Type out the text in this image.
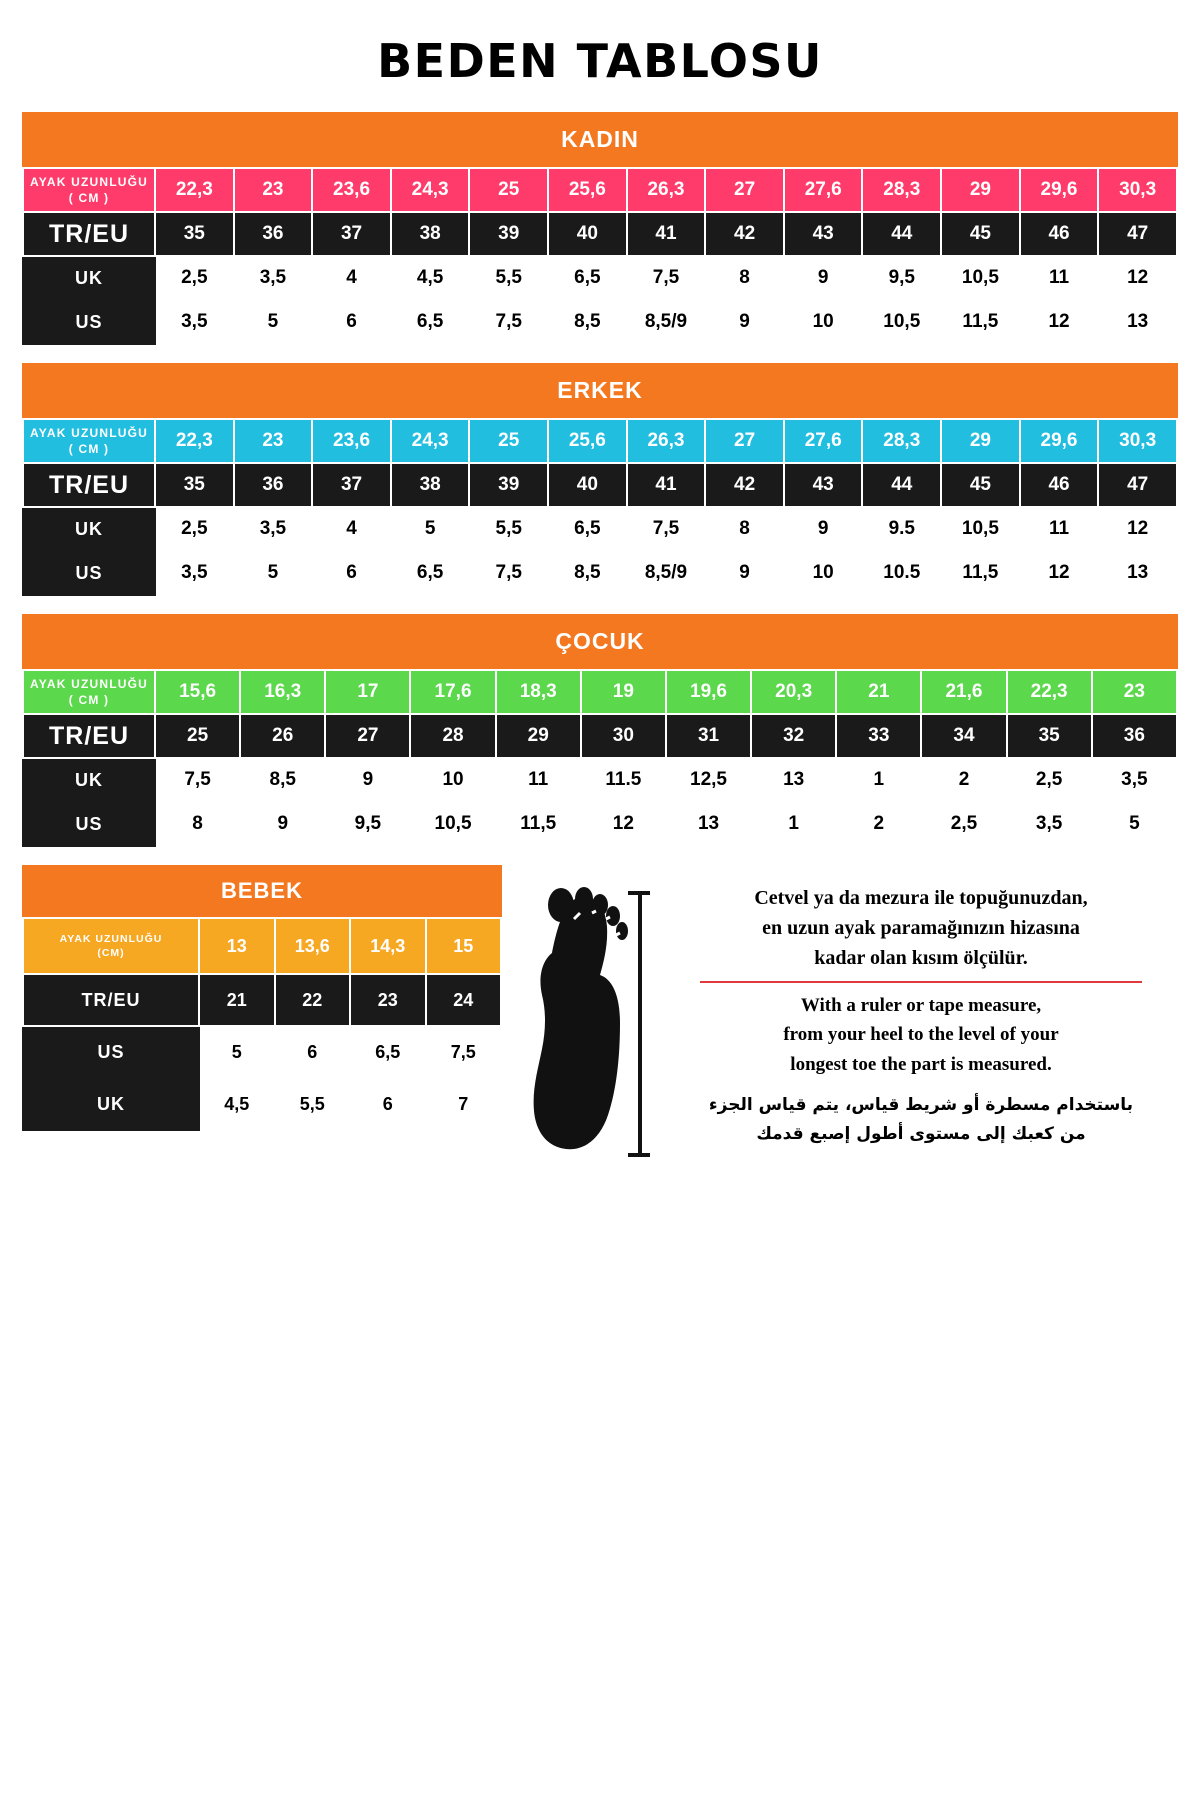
BEDEN TABLOSU
KADIN
AYAK UZUNLUĞU
( CM )	22,3	23	23,6	24,3	25	25,6	26,3	27	27,6	28,3	29	29,6	30,3
TR/EU	35	36	37	38	39	40	41	42	43	44	45	46	47
UK	2,5	3,5	4	4,5	5,5	6,5	7,5	8	9	9,5	10,5	11	12
US	3,5	5	6	6,5	7,5	8,5	8,5/9	9	10	10,5	11,5	12	13
ERKEK
AYAK UZUNLUĞU
( CM )	22,3	23	23,6	24,3	25	25,6	26,3	27	27,6	28,3	29	29,6	30,3
TR/EU	35	36	37	38	39	40	41	42	43	44	45	46	47
UK	2,5	3,5	4	5	5,5	6,5	7,5	8	9	9.5	10,5	11	12
US	3,5	5	6	6,5	7,5	8,5	8,5/9	9	10	10.5	11,5	12	13
ÇOCUK
AYAK UZUNLUĞU
( CM )	15,6	16,3	17	17,6	18,3	19	19,6	20,3	21	21,6	22,3	23
TR/EU	25	26	27	28	29	30	31	32	33	34	35	36
UK	7,5	8,5	9	10	11	11.5	12,5	13	1	2	2,5	3,5
US	8	9	9,5	10,5	11,5	12	13	1	2	2,5	3,5	5
BEBEK
AYAK UZUNLUĞU
(CM)	13	13,6	14,3	15
TR/EU	21	22	23	24
US	5	6	6,5	7,5
UK	4,5	5,5	6	7
Cetvel ya da mezura ile topuğunuzdan,
en uzun ayak paramağınızın hizasına
kadar olan kısım ölçülür.
With a ruler or tape measure,
from your heel to the level of your
longest toe the part is measured.
باستخدام مسطرة أو شريط قياس، يتم قياس الجزء
من كعبك إلى مستوى أطول إصبع قدمك
